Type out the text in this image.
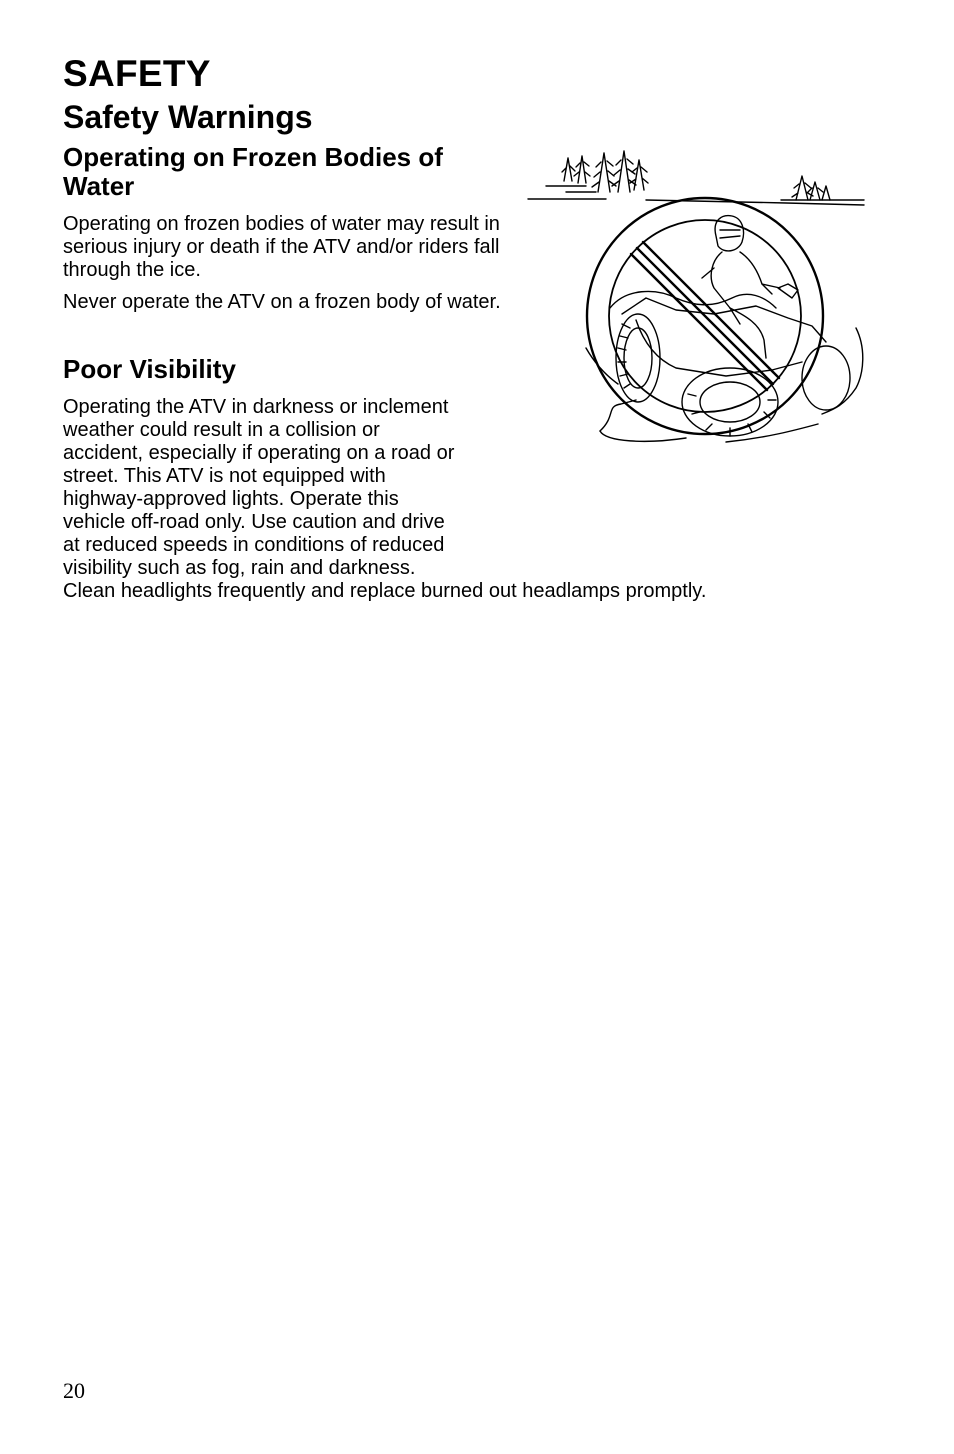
SAFETY
Safety Warnings
Operating on Frozen Bodies of Water

Operating on frozen bodies of water may result in serious injury or death if the ATV and/or riders fall through the ice.

Never operate the ATV on a frozen body of water.

Poor Visibility

Operating the ATV in darkness or inclement
weather could result in a collision or
accident, especially if operating on a road or
street. This ATV is not equipped with
highway-approved lights. Operate this
vehicle off-road only. Use caution and drive
at reduced speeds in conditions of reduced
visibility such as fog, rain and darkness.
Clean headlights frequently and replace burned out headlamps promptly.

20
